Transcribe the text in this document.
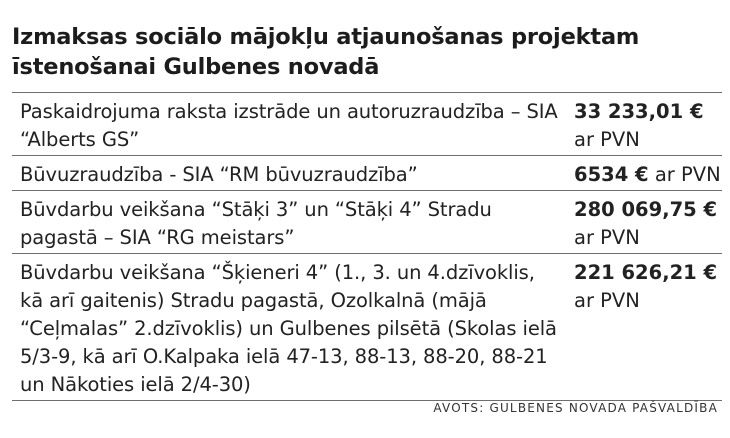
Izmaksas sociālo mājokļu atjaunošanas projektam īstenošanai Gulbenes novadā
Paskaidrojuma raksta izstrāde un autoruzraudzība – SIA “Alberts GS”
33 233,01 €
ar PVN
Būvuzraudzība - SIA “RM būvuzraudzība”	6534 € ar PVN
Būvdarbu veikšana “Stāķi 3” un “Stāķi 4” Stradu pagastā – SIA “RG meistars”
280 069,75 €
ar PVN
Būvdarbu veikšana “Šķieneri 4” (1., 3. un 4.dzīvoklis, kā arī gaitenis) Stradu pagastā, Ozolkalnā (mājā “Ceļmalas” 2.dzīvoklis) un Gulbenes pilsētā (Skolas ielā 5/3-9, kā arī O.Kalpaka ielā 47-13, 88-13, 88-20, 88-21 un Nākoties ielā 2/4-30)
221 626,21 €
ar PVN
AVOTS: GULBENES NOVADA PAŠVALDĪBA
